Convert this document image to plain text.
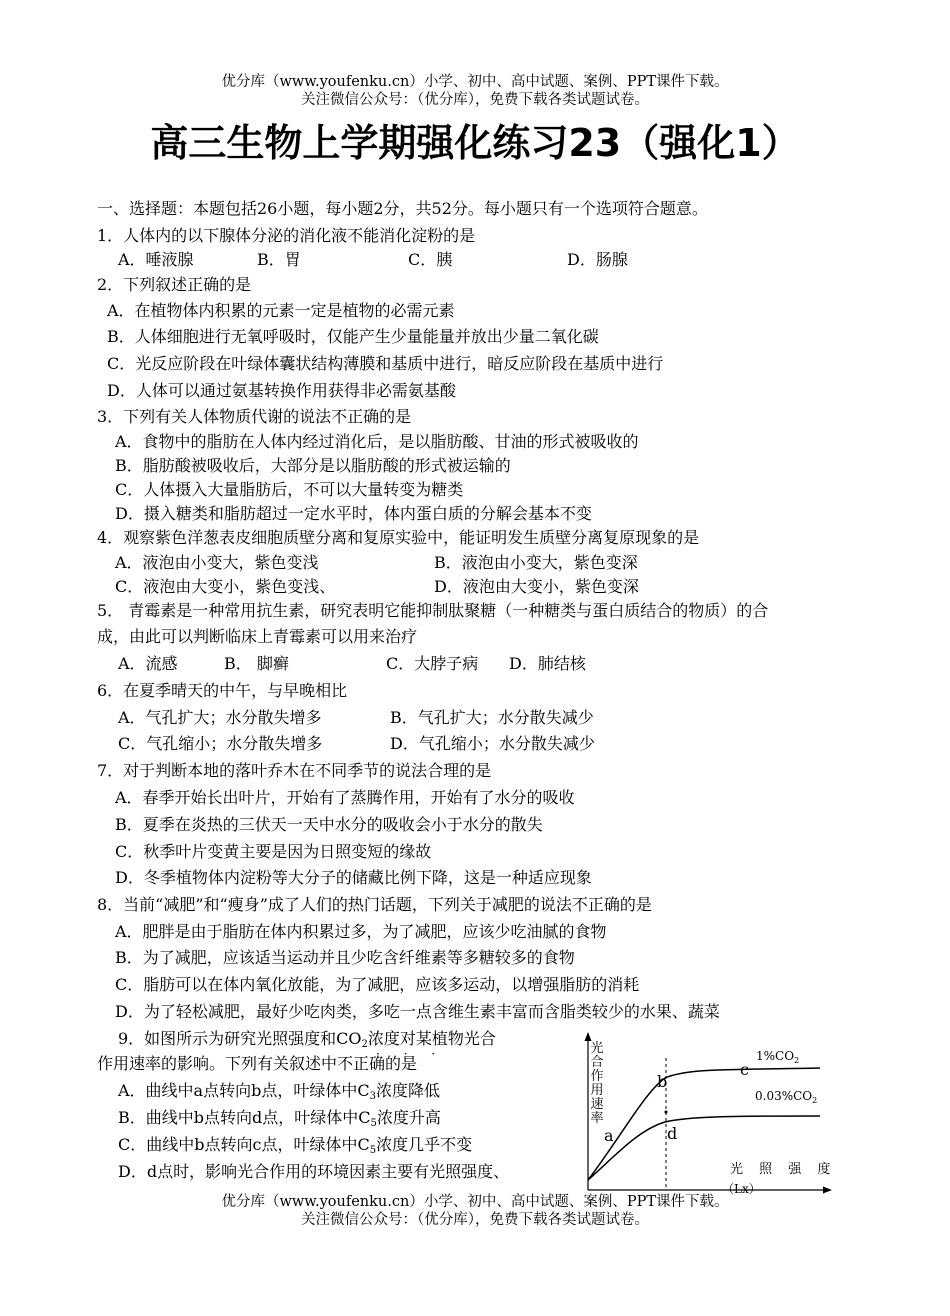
优分库（www.youfenku.cn）小学、初中、高中试题、案例、PPT课件下载。
关注微信公众号：（优分库），免费下载各类试题试卷。
高三生物上学期强化练习23（强化1）
一、选择题：本题包括26小题，每小题2分，共52分。每小题只有一个选项符合题意。
1．人体内的以下腺体分泌的消化液不能消化淀粉的是
A．唾液腺	B．胃	C．胰	D．肠腺
2．下列叙述正确的是
A．在植物体内积累的元素一定是植物的必需元素
B．人体细胞进行无氧呼吸时，仅能产生少量能量并放出少量二氧化碳
C．光反应阶段在叶绿体囊状结构薄膜和基质中进行，暗反应阶段在基质中进行
D．人体可以通过氨基转换作用获得非必需氨基酸
3．下列有关人体物质代谢的说法不正确的是
A．食物中的脂肪在人体内经过消化后，是以脂肪酸、甘油的形式被吸收的
B．脂肪酸被吸收后，大部分是以脂肪酸的形式被运输的
C．人体摄入大量脂肪后，不可以大量转变为糖类
D．摄入糖类和脂肪超过一定水平时，体内蛋白质的分解会基本不变
4．观察紫色洋葱表皮细胞质壁分离和复原实验中，能证明发生质壁分离复原现象的是
A．液泡由小变大，紫色变浅	B．液泡由小变大，紫色变深
C．液泡由大变小，紫色变浅、	D．液泡由大变小，紫色变深
5． 青霉素是一种常用抗生素，研究表明它能抑制肽聚糖（一种糖类与蛋白质结合的物质）的合
成，由此可以判断临床上青霉素可以用来治疗
A．流感	B． 脚癣	C．大脖子病 D．肺结核
6．在夏季晴天的中午，与早晚相比
A．气孔扩大；水分散失增多	B．气孔扩大；水分散失减少
C．气孔缩小；水分散失增多	D．气孔缩小；水分散失减少
7．对于判断本地的落叶乔木在不同季节的说法合理的是
A．春季开始长出叶片，开始有了蒸腾作用，开始有了水分的吸收
B．夏季在炎热的三伏天一天中水分的吸收会小于水分的散失
C．秋季叶片变黄主要是因为日照变短的缘故
D．冬季植物体内淀粉等大分子的储藏比例下降，这是一种适应现象
8．当前“减肥”和“瘦身”成了人们的热门话题，下列关于减肥的说法不正确的是
A．肥胖是由于脂肪在体内积累过多，为了减肥，应该少吃油腻的食物
B．为了减肥，应该适当运动并且少吃含纤维素等多糖较多的食物
C．脂肪可以在体内氧化放能，为了减肥，应该多运动，以增强脂肪的消耗
D．为了轻松减肥，最好少吃肉类，多吃一点含维生素丰富而含脂类较少的水果、蔬菜
9．如图所示为研究光照强度和$CO_2$浓度对某植物光合
作用速率的影响。下列有关叙述中不正确的是
A．曲线中a点转向b点，叶绿体中$C_3$浓度降低
B．曲线中b点转向d点，叶绿体中$C_5$浓度升高
C．曲线中b点转向c点，叶绿体中$C_5$浓度几乎不变
D．d点时，影响光合作用的环境因素主要有光照强度、
光合作用速率
光 照 强 度
（Lx）
$1\%CO_2$
$0.03\%CO_2$
a
b
c
d
· · ·
优分库（www.youfenku.cn）小学、初中、高中试题、案例、PPT课件下载。
关注微信公众号：（优分库），免费下载各类试题试卷。
